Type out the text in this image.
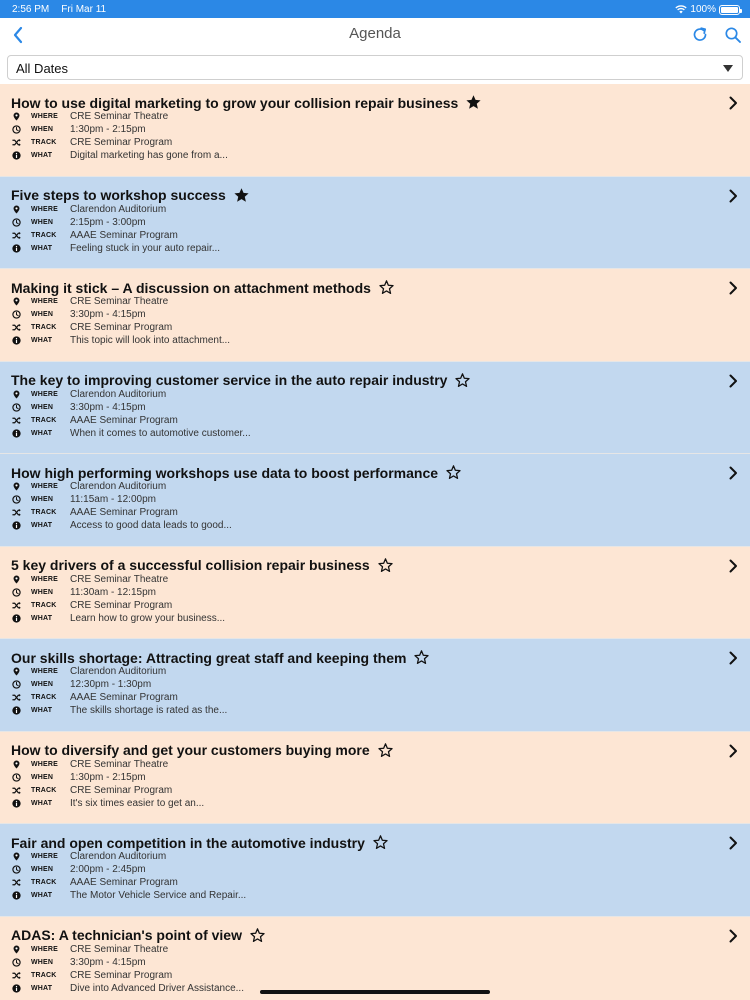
2:56 PM Fri Mar 11	100%
Agenda
All Dates
How to use digital marketing to grow your collision repair business
WHERE CRE Seminar Theatre
WHEN 1:30pm - 2:15pm
TRACK CRE Seminar Program
WHAT Digital marketing has gone from a...
Five steps to workshop success
WHERE Clarendon Auditorium
WHEN 2:15pm - 3:00pm
TRACK AAAE Seminar Program
WHAT Feeling stuck in your auto repair...
Making it stick – A discussion on attachment methods
WHERE CRE Seminar Theatre
WHEN 3:30pm - 4:15pm
TRACK CRE Seminar Program
WHAT This topic will look into attachment...
The key to improving customer service in the auto repair industry
WHERE Clarendon Auditorium
WHEN 3:30pm - 4:15pm
TRACK AAAE Seminar Program
WHAT When it comes to automotive customer...
How high performing workshops use data to boost performance
WHERE Clarendon Auditorium
WHEN 11:15am - 12:00pm
TRACK AAAE Seminar Program
WHAT Access to good data leads to good...
5 key drivers of a successful collision repair business
WHERE CRE Seminar Theatre
WHEN 11:30am - 12:15pm
TRACK CRE Seminar Program
WHAT Learn how to grow your business...
Our skills shortage: Attracting great staff and keeping them
WHERE Clarendon Auditorium
WHEN 12:30pm - 1:30pm
TRACK AAAE Seminar Program
WHAT The skills shortage is rated as the...
How to diversify and get your customers buying more
WHERE CRE Seminar Theatre
WHEN 1:30pm - 2:15pm
TRACK CRE Seminar Program
WHAT It's six times easier to get an...
Fair and open competition in the automotive industry
WHERE Clarendon Auditorium
WHEN 2:00pm - 2:45pm
TRACK AAAE Seminar Program
WHAT The Motor Vehicle Service and Repair...
ADAS: A technician's point of view
WHERE CRE Seminar Theatre
WHEN 3:30pm - 4:15pm
TRACK CRE Seminar Program
WHAT Dive into Advanced Driver Assistance...
